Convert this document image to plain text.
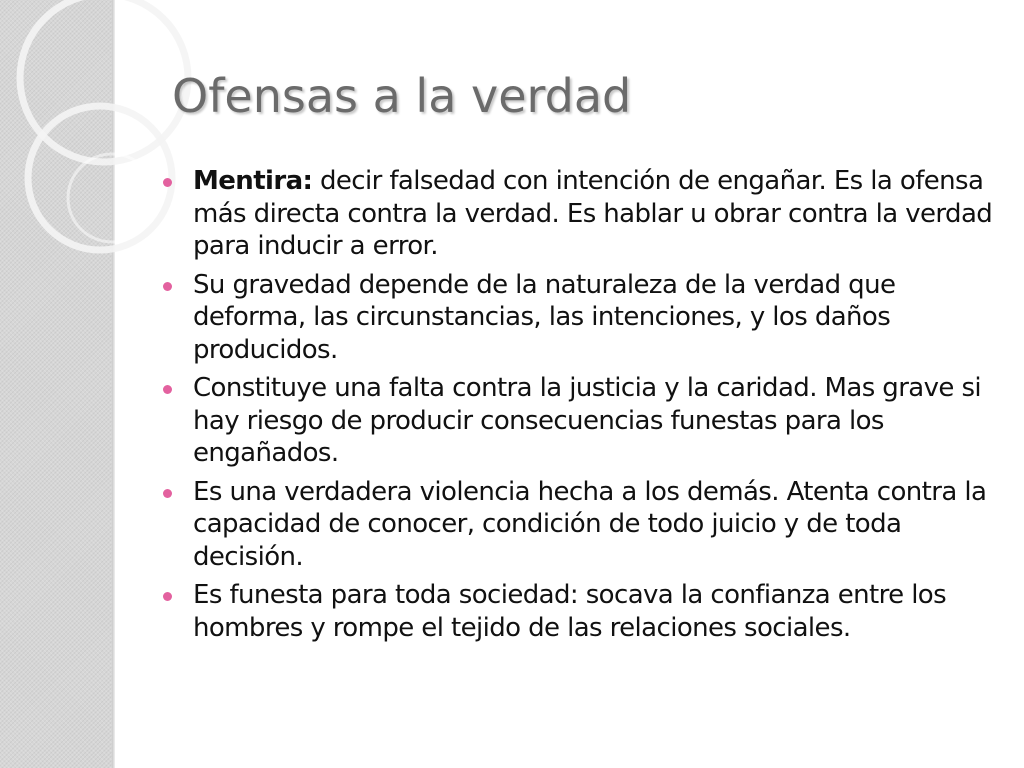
Ofensas a la verdad
Mentira: decir falsedad con intención de engañar. Es la ofensa más directa contra la verdad. Es hablar u obrar contra la verdad para inducir a error.
Su gravedad depende de la naturaleza de la verdad que deforma, las circunstancias, las intenciones, y los daños producidos.
Constituye una falta contra la justicia y la caridad. Mas grave si hay riesgo de producir consecuencias funestas para los engañados.
Es una verdadera violencia hecha a los demás. Atenta contra la capacidad de conocer, condición de todo juicio y de toda decisión.
Es funesta para toda sociedad: socava la confianza entre los hombres y rompe el tejido de las relaciones sociales.
